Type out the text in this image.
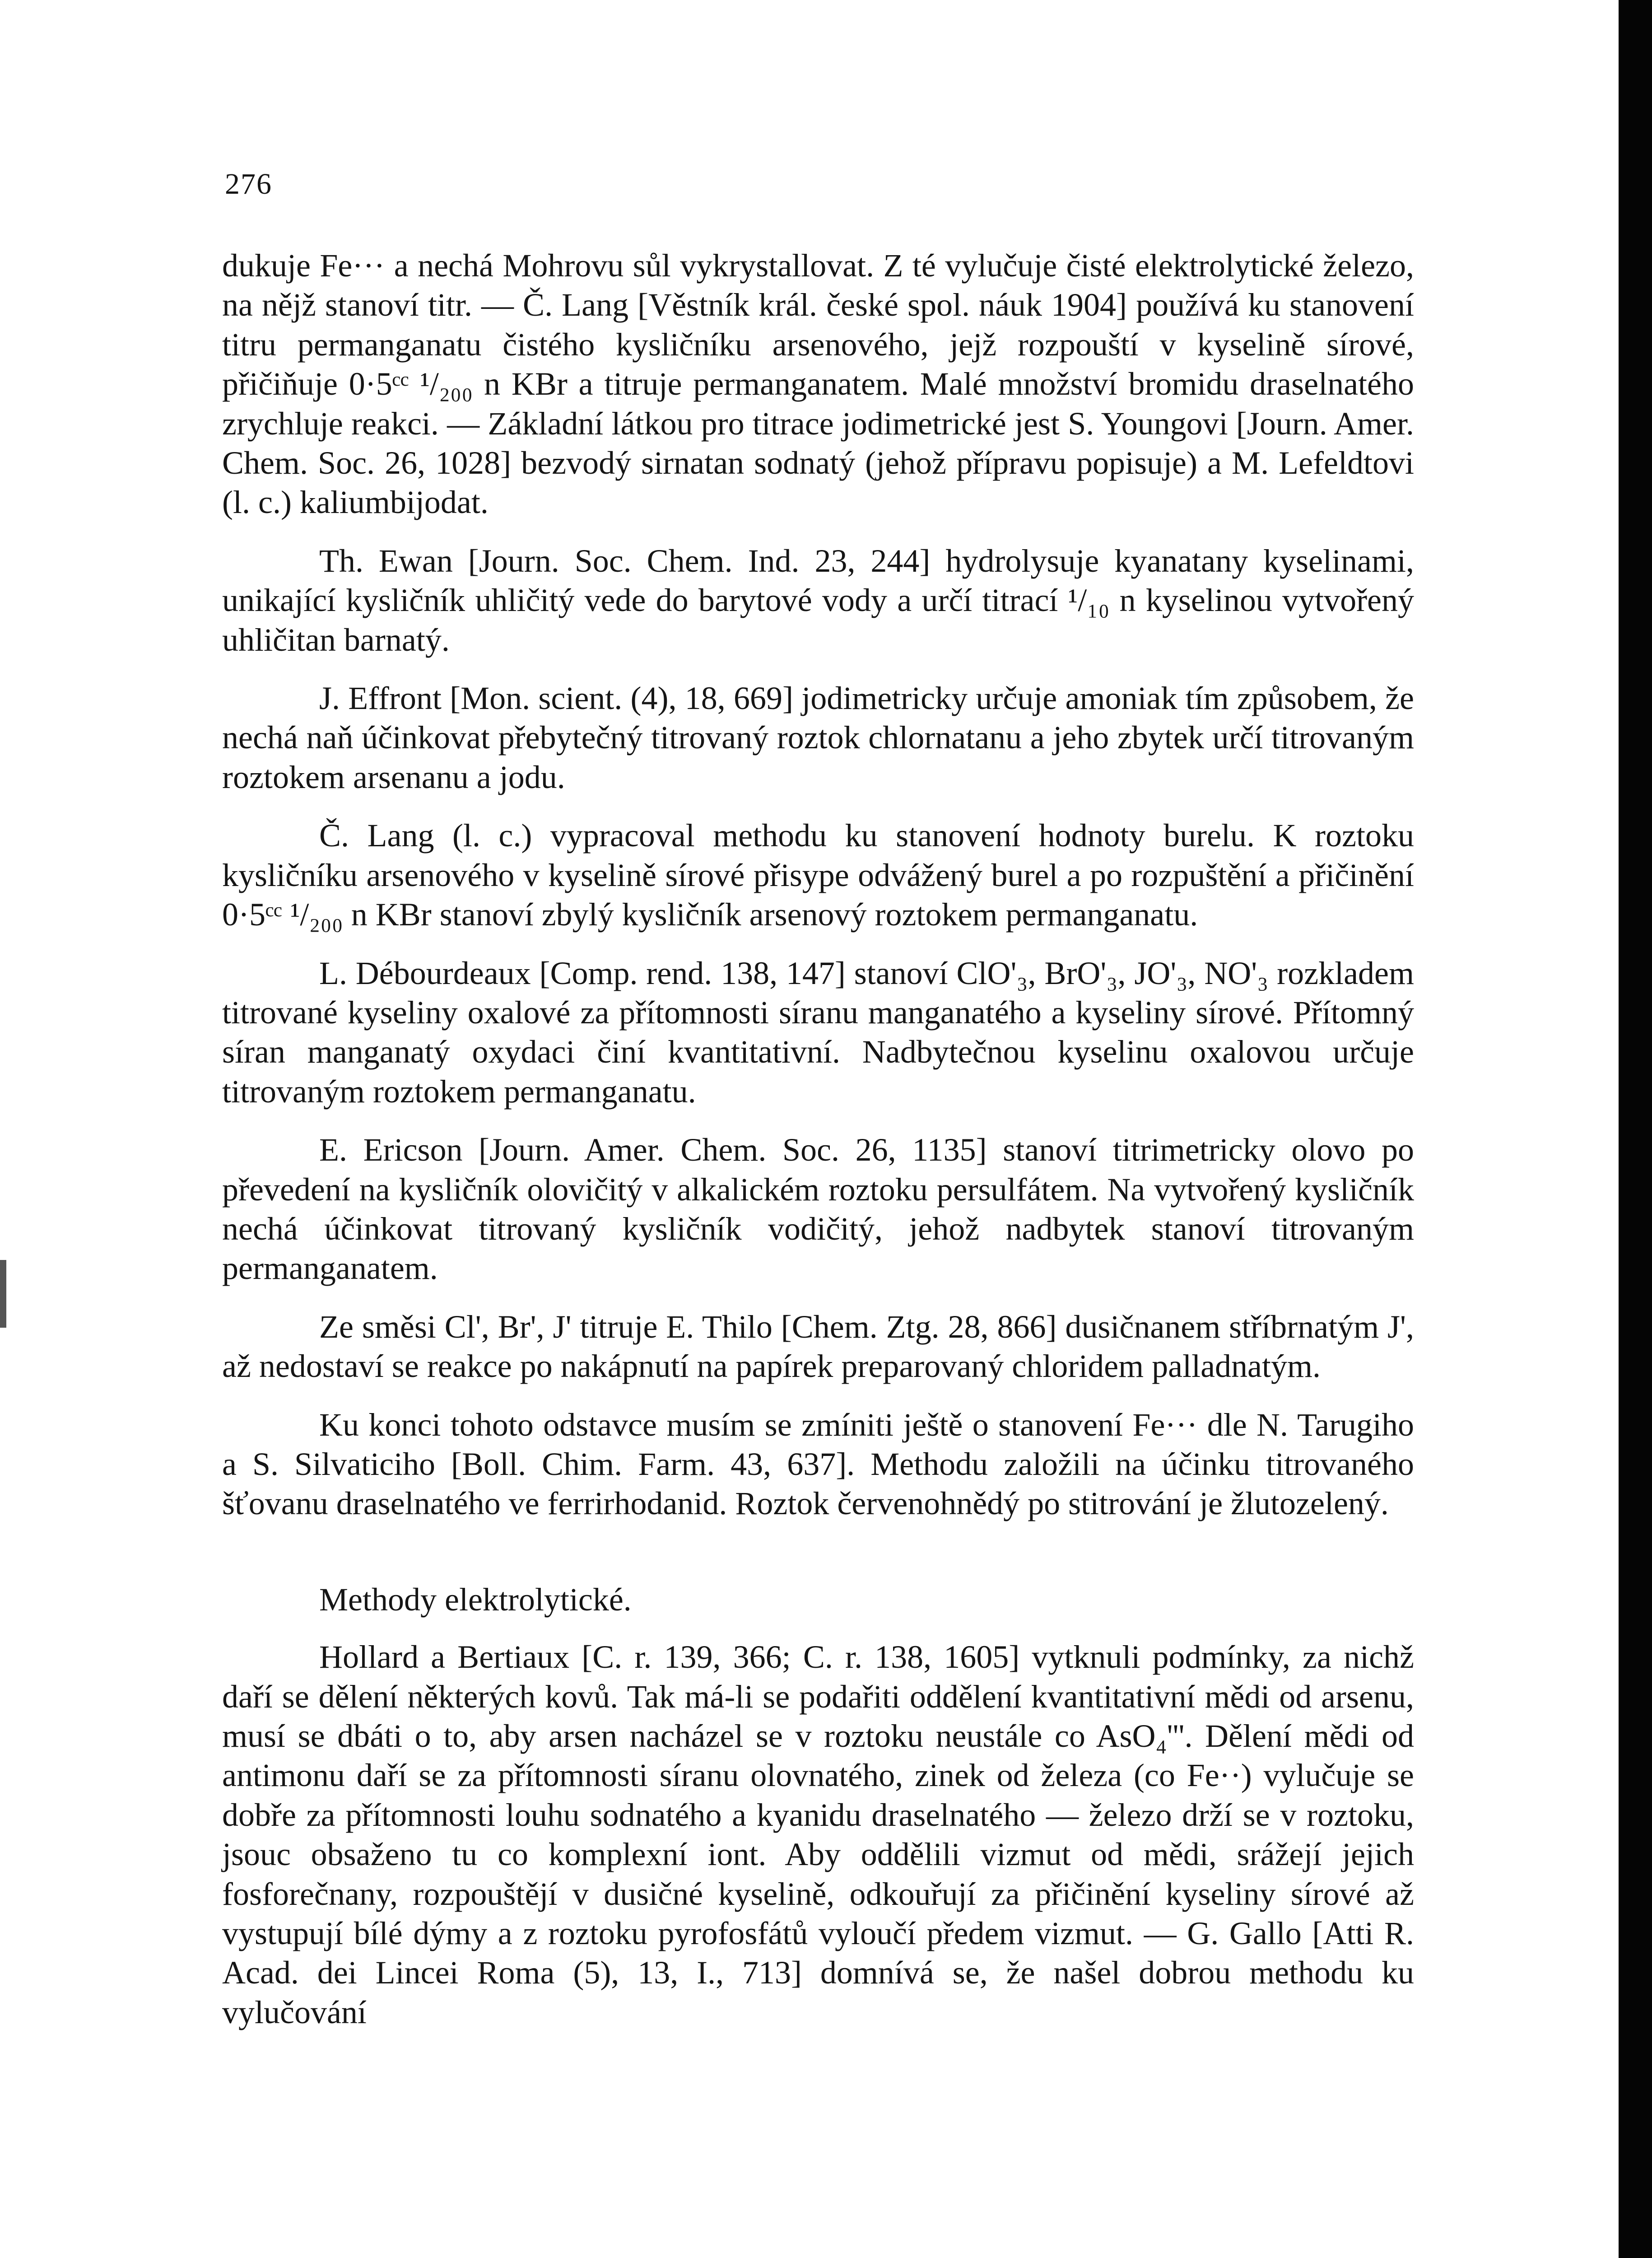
276

dukuje Fe··· a nechá Mohrovu sůl vykrystallovat. Z té vylučuje čisté elektrolytické železo, na nějž stanoví titr. — Č. Lang [Věstník král. české spol. náuk 1904] používá ku stanovení titru permanganatu čistého kysličníku arsenového, jejž rozpouští v kyselině sírové, přičiňuje 0·5ᶜᶜ ¹/₂₀₀ n KBr a titruje permanganatem. Malé množství bromidu draselnatého zrychluje reakci. — Základní látkou pro titrace jodimetrické jest S. Youngovi [Journ. Amer. Chem. Soc. 26, 1028] bezvodý sirnatan sodnatý (jehož přípravu popisuje) a M. Lefeldtovi (l. c.) kaliumbijodat.

Th. Ewan [Journ. Soc. Chem. Ind. 23, 244] hydrolysuje kyanatany kyselinami, unikající kysličník uhličitý vede do barytové vody a určí titrací ¹/₁₀ n kyselinou vytvořený uhličitan barnatý.

J. Effront [Mon. scient. (4), 18, 669] jodimetricky určuje amoniak tím způsobem, že nechá naň účinkovat přebytečný titrovaný roztok chlornatanu a jeho zbytek určí titrovaným roztokem arsenanu a jodu.

Č. Lang (l. c.) vypracoval methodu ku stanovení hodnoty burelu. K roztoku kysličníku arsenového v kyselině sírové přisype odvážený burel a po rozpuštění a přičinění 0·5ᶜᶜ ¹/₂₀₀ n KBr stanoví zbylý kysličník arsenový roztokem permanganatu.

L. Débourdeaux [Comp. rend. 138, 147] stanoví ClO'₃, BrO'₃, JO'₃, NO'₃ rozkladem titrované kyseliny oxalové za přítomnosti síranu manganatého a kyseliny sírové. Přítomný síran manganatý oxydaci činí kvantitativní. Nadbytečnou kyselinu oxalovou určuje titrovaným roztokem permanganatu.

E. Ericson [Journ. Amer. Chem. Soc. 26, 1135] stanoví titrimetricky olovo po převedení na kysličník olovičitý v alkalickém roztoku persulfátem. Na vytvořený kysličník nechá účinkovat titrovaný kysličník vodičitý, jehož nadbytek stanoví titrovaným permanganatem.

Ze směsi Cl', Br', J' titruje E. Thilo [Chem. Ztg. 28, 866] dusičnanem stříbrnatým J', až nedostaví se reakce po nakápnutí na papírek preparovaný chloridem palladnatým.

Ku konci tohoto odstavce musím se zmíniti ještě o stanovení Fe··· dle N. Tarugiho a S. Silvaticiho [Boll. Chim. Farm. 43, 637]. Methodu založili na účinku titrovaného šťovanu draselnatého ve ferrirhodanid. Roztok červenohnědý po stitrování je žlutozelený.

Methody elektrolytické.

Hollard a Bertiaux [C. r. 139, 366; C. r. 138, 1605] vytknuli podmínky, za nichž daří se dělení některých kovů. Tak má-li se podařiti oddělení kvantitativní mědi od arsenu, musí se dbáti o to, aby arsen nacházel se v roztoku neustále co AsO₄'''. Dělení mědi od antimonu daří se za přítomnosti síranu olovnatého, zinek od železa (co Fe··) vylučuje se dobře za přítomnosti louhu sodnatého a kyanidu draselnatého — železo drží se v roztoku, jsouc obsaženo tu co komplexní iont. Aby oddělili vizmut od mědi, srážejí jejich fosforečnany, rozpouštějí v dusičné kyselině, odkouřují za přičinění kyseliny sírové až vystupují bílé dýmy a z roztoku pyrofosfátů vyloučí předem vizmut. — G. Gallo [Atti R. Acad. dei Lincei Roma (5), 13, I., 713] domnívá se, že našel dobrou methodu ku vylučování
